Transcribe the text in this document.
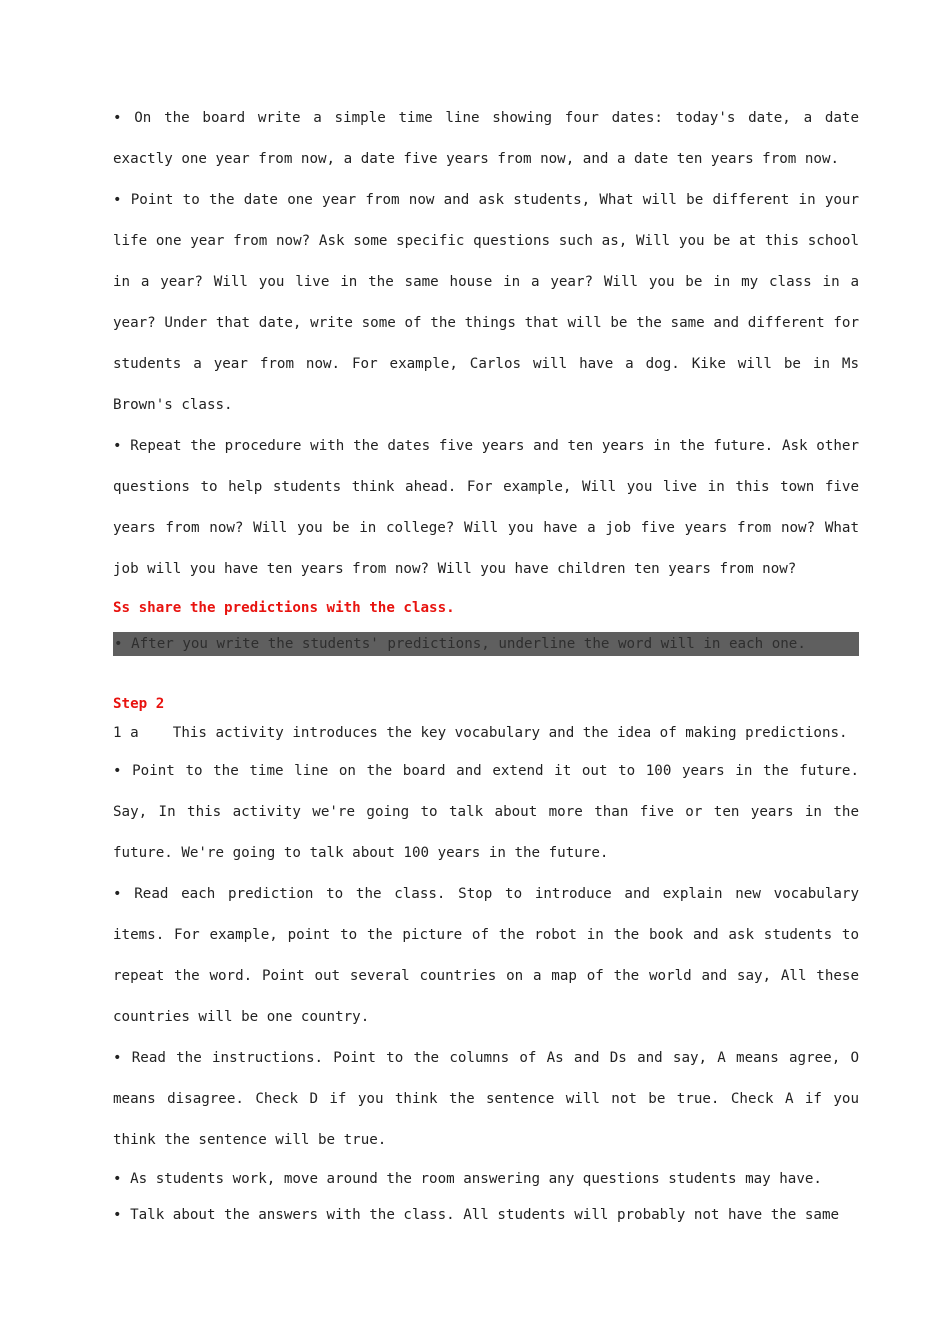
• On the board write a simple time line showing four dates: today's date, a date exactly one year from now, a date five years from now, and a date ten years from now.

• Point to the date one year from now and ask students, What will be different in your life one year from now? Ask some specific questions such as, Will you be at this school in a year? Will you live in the same house in a year? Will you be in my class in a year? Under that date, write some of the things that will be the same and different for students a year from now. For example, Carlos will have a dog. Kike will be in Ms Brown's class.

• Repeat the procedure with the dates five years and ten years in the future. Ask other questions to help students think ahead. For example, Will you live in this town five years from now? Will you be in college? Will you have a job five years from now? What job will you have ten years from now? Will you have children ten years from now?

Ss share the predictions with the class.

• After you write the students' predictions, underline the word will in each one.

Step 2

1 a    This activity introduces the key vocabulary and the idea of making predictions.

• Point to the time line on the board and extend it out to 100 years in the future. Say, In this activity we're going to talk about more than five or ten years in the future. We're going to talk about 100 years in the future.

• Read each prediction to the class. Stop to introduce and explain new vocabulary items. For example, point to the picture of the robot in the book and ask students to repeat the word. Point out several countries on a map of the world and say, All these countries will be one country.

• Read the instructions. Point to the columns of As and Ds and say, A means agree, O means disagree. Check D if you think the sentence will not be true. Check A if you think the sentence will be true.

• As students work, move around the room answering any questions students may have.

• Talk about the answers with the class. All students will probably not have the same
